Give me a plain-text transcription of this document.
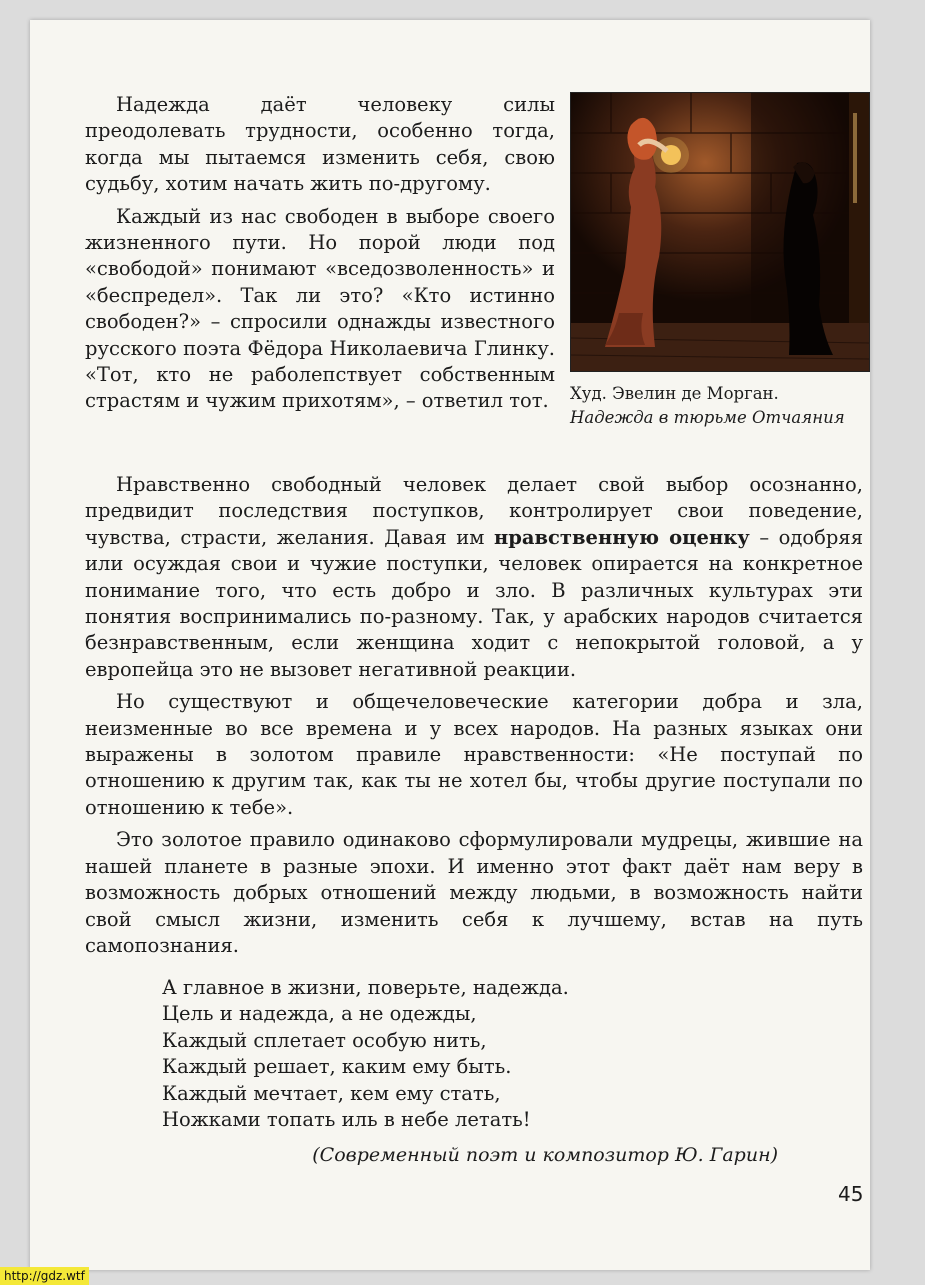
Надежда даёт человеку силы преодолевать трудности, особенно тогда, когда мы пытаемся изменить себя, свою судьбу, хотим начать жить по-другому.

Каждый из нас свободен в выборе своего жизненного пути. Но порой люди под «свободой» понимают «вседозволенность» и «беспредел». Так ли это? «Кто истинно свободен?» – спросили однажды известного русского поэта Фёдора Николаевича Глинку. «Тот, кто не раболепствует собственным страстям и чужим прихотям», – ответил тот.	Худ. Эвелин де Морган.
Надежда в тюрьме Отчаяния

Нравственно свободный человек делает свой выбор осознанно, предвидит последствия поступков, контролирует свои поведение, чувства, страсти, желания. Давая им нравственную оценку – одобряя или осуждая свои и чужие поступки, человек опирается на конкретное понимание того, что есть добро и зло. В различных культурах эти понятия воспринимались по-разному. Так, у арабских народов считается безнравственным, если женщина ходит с непокрытой головой, а у европейца это не вызовет негативной реакции.

Но существуют и общечеловеческие категории добра и зла, неизменные во все времена и у всех народов. На разных языках они выражены в золотом правиле нравственности: «Не поступай по отношению к другим так, как ты не хотел бы, чтобы другие поступали по отношению к тебе».

Это золотое правило одинаково сформулировали мудрецы, жившие на нашей планете в разные эпохи. И именно этот факт даёт нам веру в возможность добрых отношений между людьми, в возможность найти свой смысл жизни, изменить себя к лучшему, встав на путь самопознания.

А главное в жизни, поверьте, надежда.
Цель и надежда, а не одежды,
Каждый сплетает особую нить,
Каждый решает, каким ему быть.
Каждый мечтает, кем ему стать,
Ножками топать иль в небе летать!
(Современный поэт и композитор Ю. Гарин)
45
http://gdz.wtf
